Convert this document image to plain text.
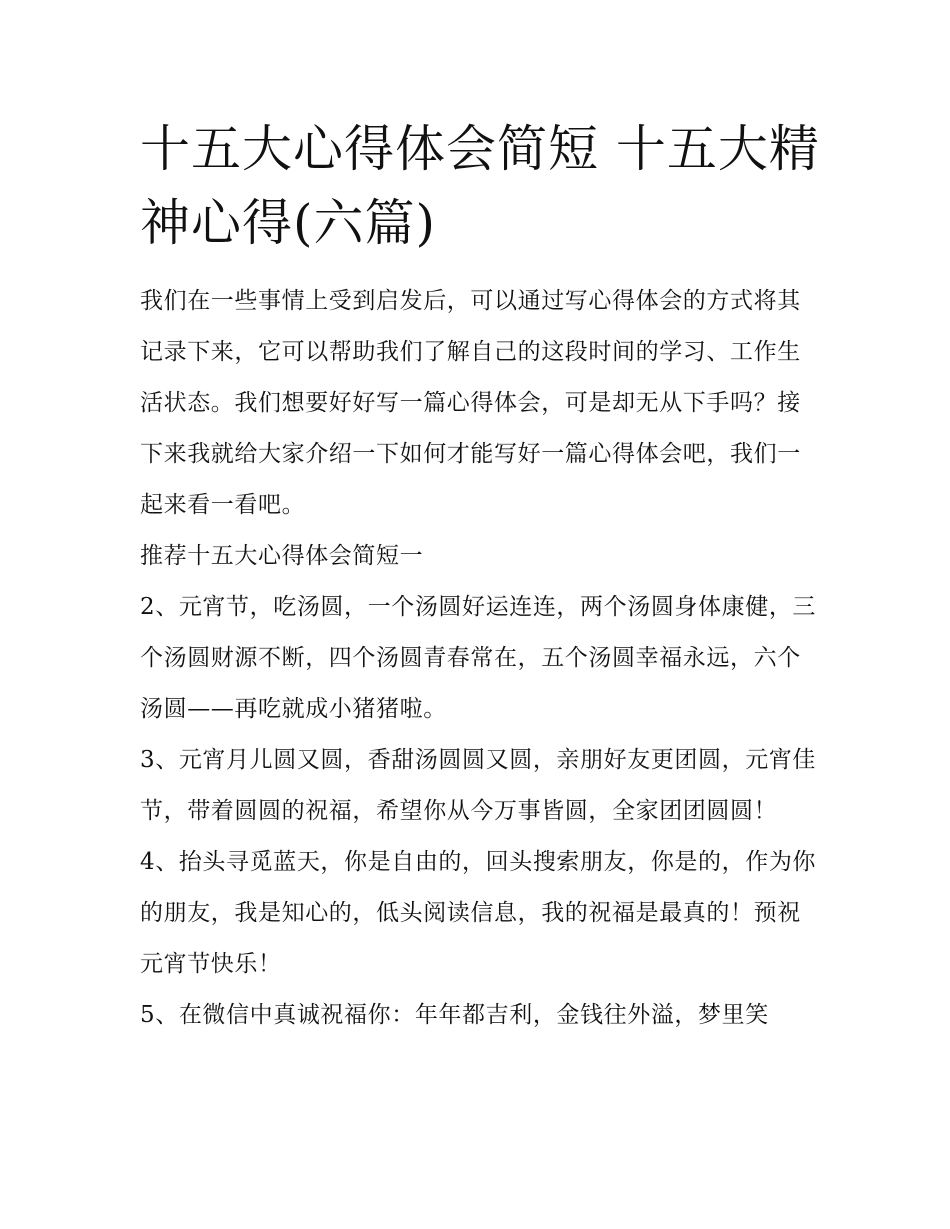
十五大心得体会简短 十五大精神心得(六篇)

我们在一些事情上受到启发后，可以通过写心得体会的方式将其记录下来，它可以帮助我们了解自己的这段时间的学习、工作生活状态。我们想要好好写一篇心得体会，可是却无从下手吗？接下来我就给大家介绍一下如何才能写好一篇心得体会吧，我们一起来看一看吧。

推荐十五大心得体会简短一

2、元宵节，吃汤圆，一个汤圆好运连连，两个汤圆身体康健，三个汤圆财源不断，四个汤圆青春常在，五个汤圆幸福永远，六个汤圆——再吃就成小猪猪啦。

3、元宵月儿圆又圆，香甜汤圆圆又圆，亲朋好友更团圆，元宵佳节，带着圆圆的祝福，希望你从今万事皆圆，全家团团圆圆！

4、抬头寻觅蓝天，你是自由的，回头搜索朋友，你是的，作为你的朋友，我是知心的，低头阅读信息，我的祝福是最真的！预祝元宵节快乐！

5、在微信中真诚祝福你：年年都吉利，金钱往外溢，梦里笑
